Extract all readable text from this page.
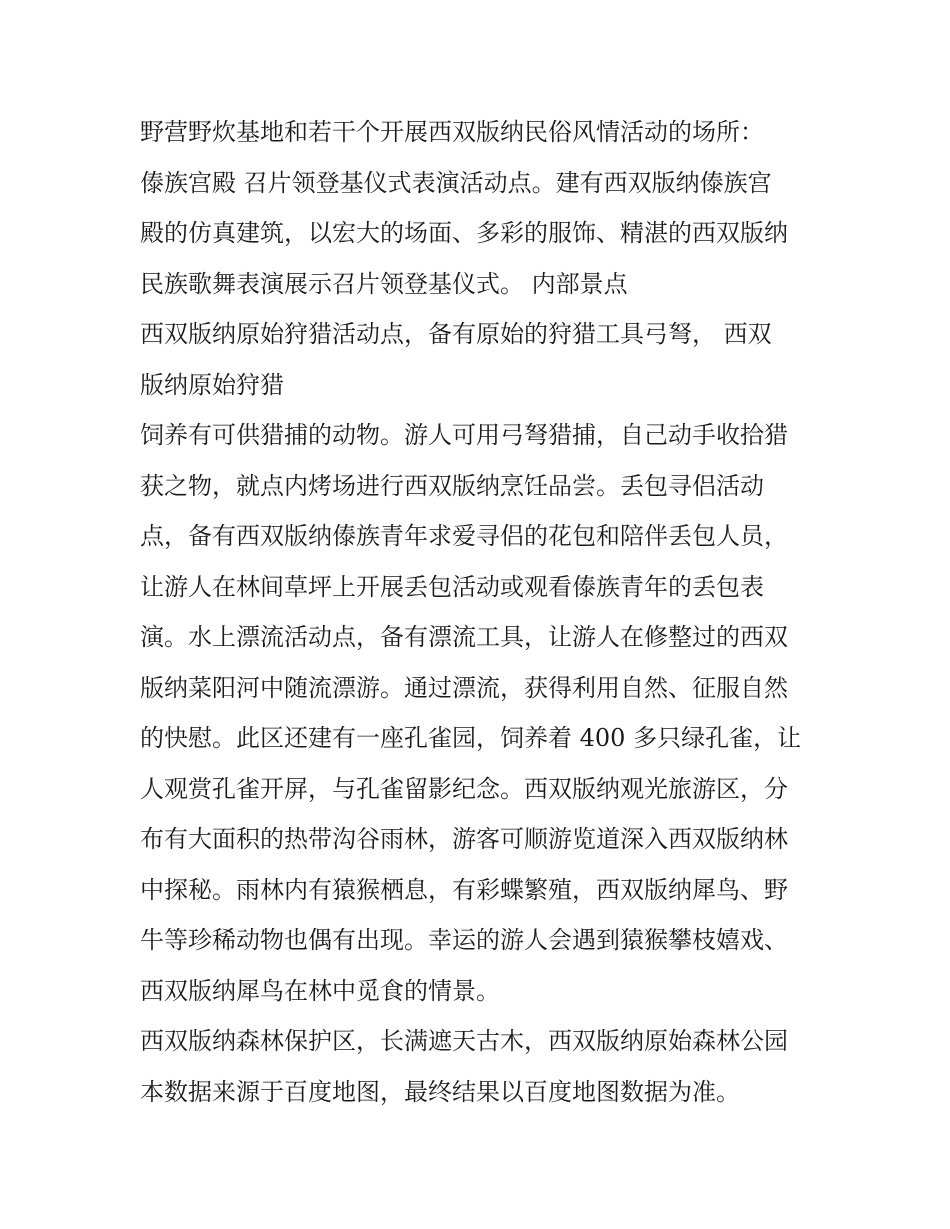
野营野炊基地和若干个开展西双版纳民俗风情活动的场所：
傣族宫殿 召片领登基仪式表演活动点。建有西双版纳傣族宫
殿的仿真建筑，以宏大的场面、多彩的服饰、精湛的西双版纳
民族歌舞表演展示召片领登基仪式。 内部景点
西双版纳原始狩猎活动点，备有原始的狩猎工具弓弩， 西双
版纳原始狩猎
饲养有可供猎捕的动物。游人可用弓弩猎捕，自己动手收拾猎
获之物，就点内烤场进行西双版纳烹饪品尝。丢包寻侣活动
点，备有西双版纳傣族青年求爱寻侣的花包和陪伴丢包人员，
让游人在林间草坪上开展丢包活动或观看傣族青年的丢包表
演。水上漂流活动点，备有漂流工具，让游人在修整过的西双
版纳菜阳河中随流漂游。通过漂流，获得利用自然、征服自然
的快慰。此区还建有一座孔雀园，饲养着 400 多只绿孔雀，让
人观赏孔雀开屏，与孔雀留影纪念。西双版纳观光旅游区，分
布有大面积的热带沟谷雨林，游客可顺游览道深入西双版纳林
中探秘。雨林内有猿猴栖息，有彩蝶繁殖，西双版纳犀鸟、野
牛等珍稀动物也偶有出现。幸运的游人会遇到猿猴攀枝嬉戏、
西双版纳犀鸟在林中觅食的情景。
西双版纳森林保护区，长满遮天古木，西双版纳原始森林公园
本数据来源于百度地图，最终结果以百度地图数据为准。
